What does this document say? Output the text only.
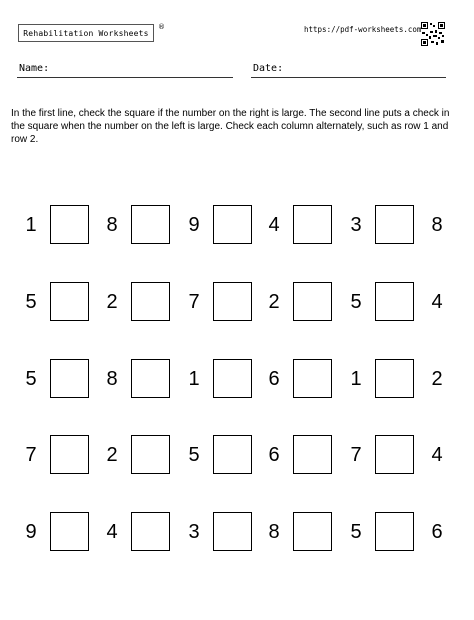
Rehabilitation Worksheets
®	https://pdf-worksheets.com
Name:	Date:
In the first line, check the square if the number on the right is large. The second line puts a check in the square when the number on the left is large. Check each column alternately, such as row 1 and row 2.
1	8	9	4	3	8
5	2	7	2	5	4
5	8	1	6	1	2
7	2	5	6	7	4
9	4	3	8	5	6
